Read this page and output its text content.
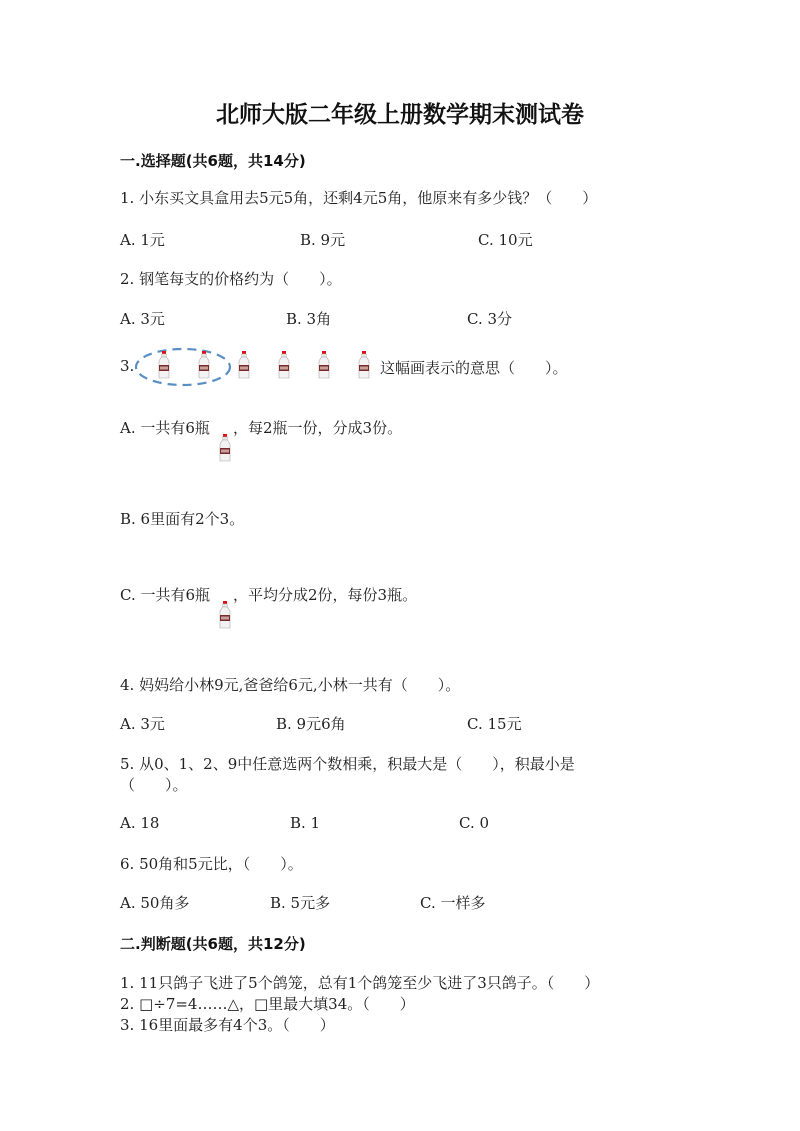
北师大版二年级上册数学期末测试卷
一.选择题(共6题，共14分)
1. 小东买文具盒用去5元5角，还剩4元5角，他原来有多少钱？（　　）
A. 1元	B. 9元	C. 10元
2. 钢笔每支的价格约为（　　）。
A. 3元	B. 3角	C. 3分
3.	这幅画表示的意思（　　）。
A. 一共有6瓶 ，每2瓶一份，分成3份。
B. 6里面有2个3。
C. 一共有6瓶 ，平均分成2份，每份3瓶。
4. 妈妈给小林9元,爸爸给6元,小林一共有（　　）。
A. 3元	B. 9元6角	C. 15元
5. 从0、1、2、9中任意选两个数相乘，积最大是（　　），积最小是
（　　）。
A. 18	B. 1	C. 0
6. 50角和5元比，（　　）。
A. 50角多	B. 5元多	C. 一样多
二.判断题(共6题，共12分)
1. 11只鸽子飞进了5个鸽笼，总有1个鸽笼至少飞进了3只鸽子。（　　）
2. □÷7=4……△，□里最大填34。（　　）
3. 16里面最多有4个3。（　　）
